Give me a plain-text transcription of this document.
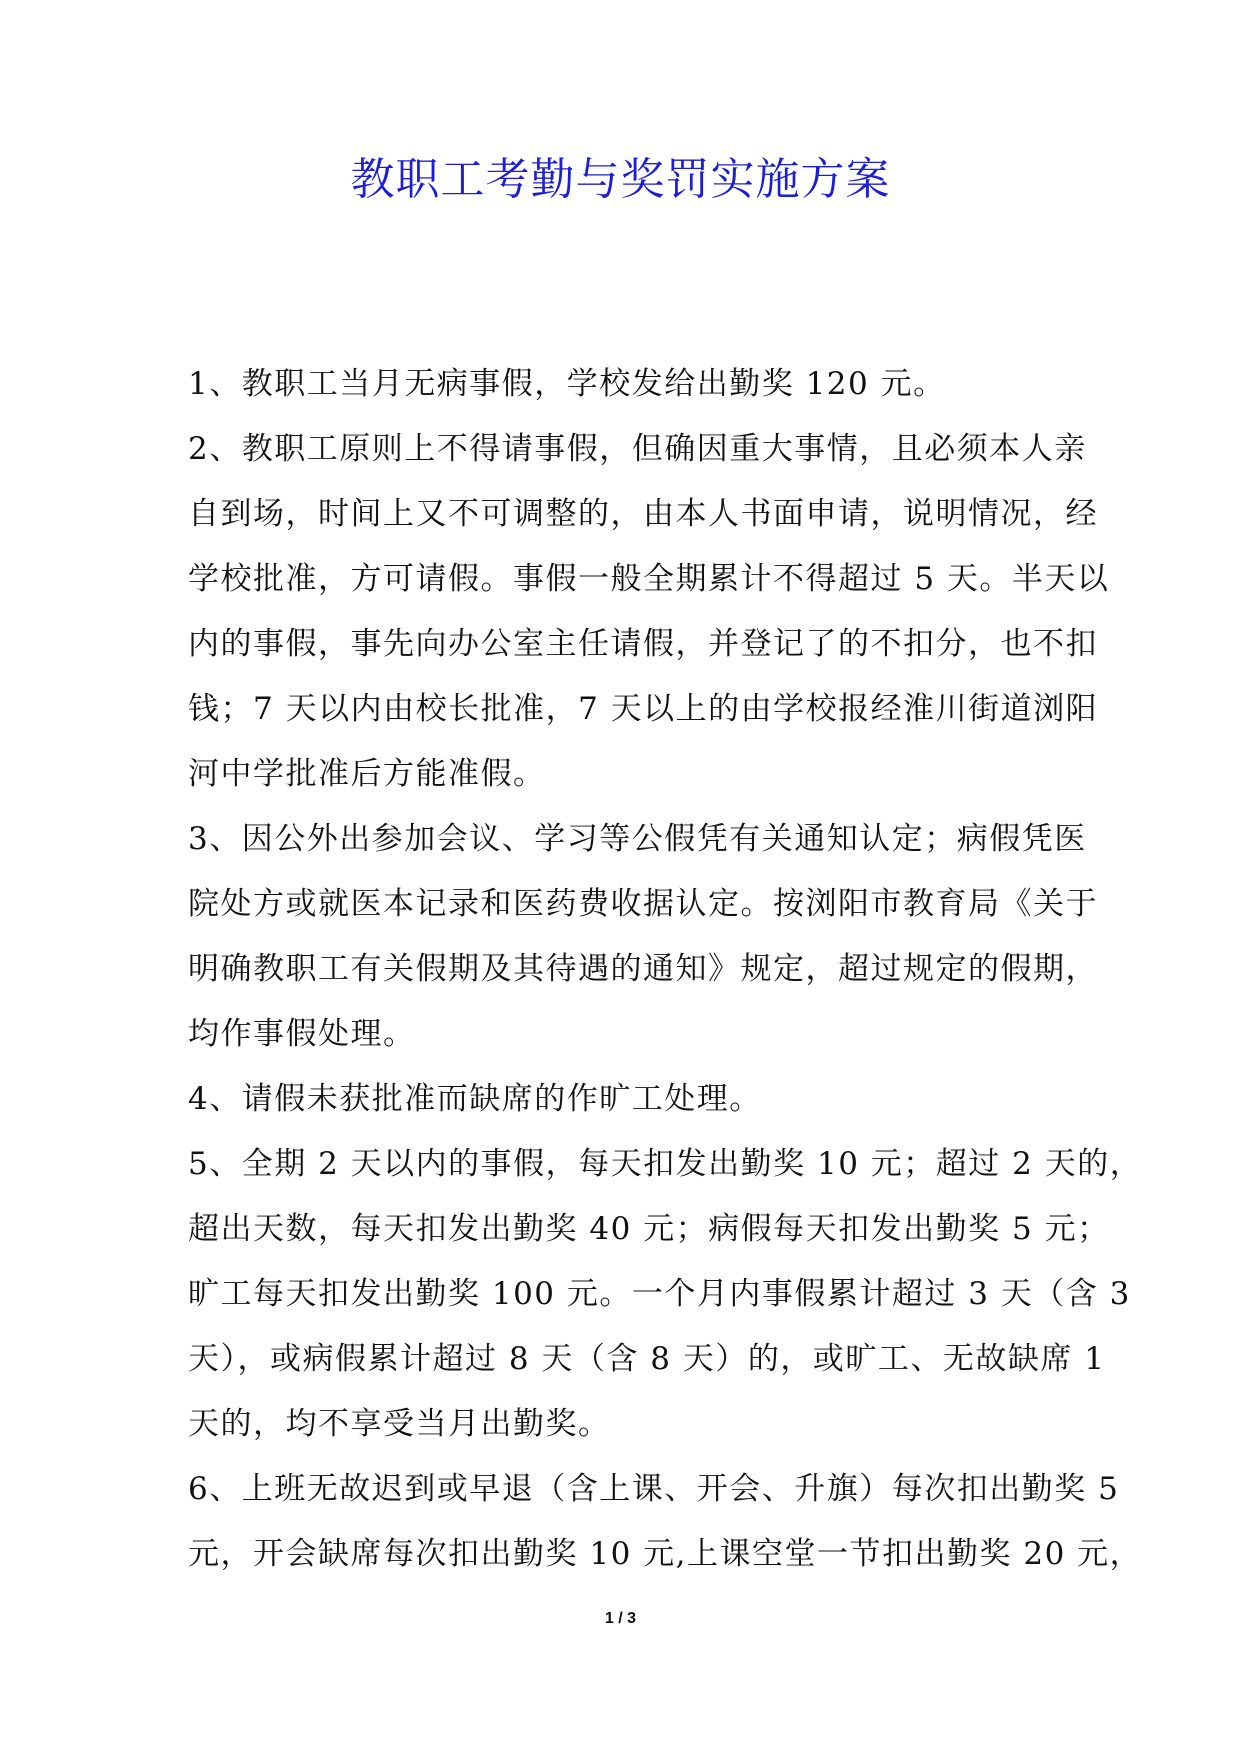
教职工考勤与奖罚实施方案
1、教职工当月无病事假，学校发给出勤奖 120 元。
2、教职工原则上不得请事假，但确因重大事情，且必须本人亲
自到场，时间上又不可调整的，由本人书面申请，说明情况，经
学校批准，方可请假。事假一般全期累计不得超过 5 天。半天以
内的事假，事先向办公室主任请假，并登记了的不扣分，也不扣
钱；7 天以内由校长批准，7 天以上的由学校报经淮川街道浏阳
河中学批准后方能准假。
3、因公外出参加会议、学习等公假凭有关通知认定；病假凭医
院处方或就医本记录和医药费收据认定。按浏阳市教育局《关于
明确教职工有关假期及其待遇的通知》规定，超过规定的假期，
均作事假处理。
4、请假未获批准而缺席的作旷工处理。
5、全期 2 天以内的事假，每天扣发出勤奖 10 元；超过 2 天的，
超出天数，每天扣发出勤奖 40 元；病假每天扣发出勤奖 5 元；
旷工每天扣发出勤奖 100 元。一个月内事假累计超过 3 天（含 3
天），或病假累计超过 8 天（含 8 天）的，或旷工、无故缺席 1
天的，均不享受当月出勤奖。
6、上班无故迟到或早退（含上课、开会、升旗）每次扣出勤奖 5
元，开会缺席每次扣出勤奖 10 元,上课空堂一节扣出勤奖 20 元，
1 / 3
